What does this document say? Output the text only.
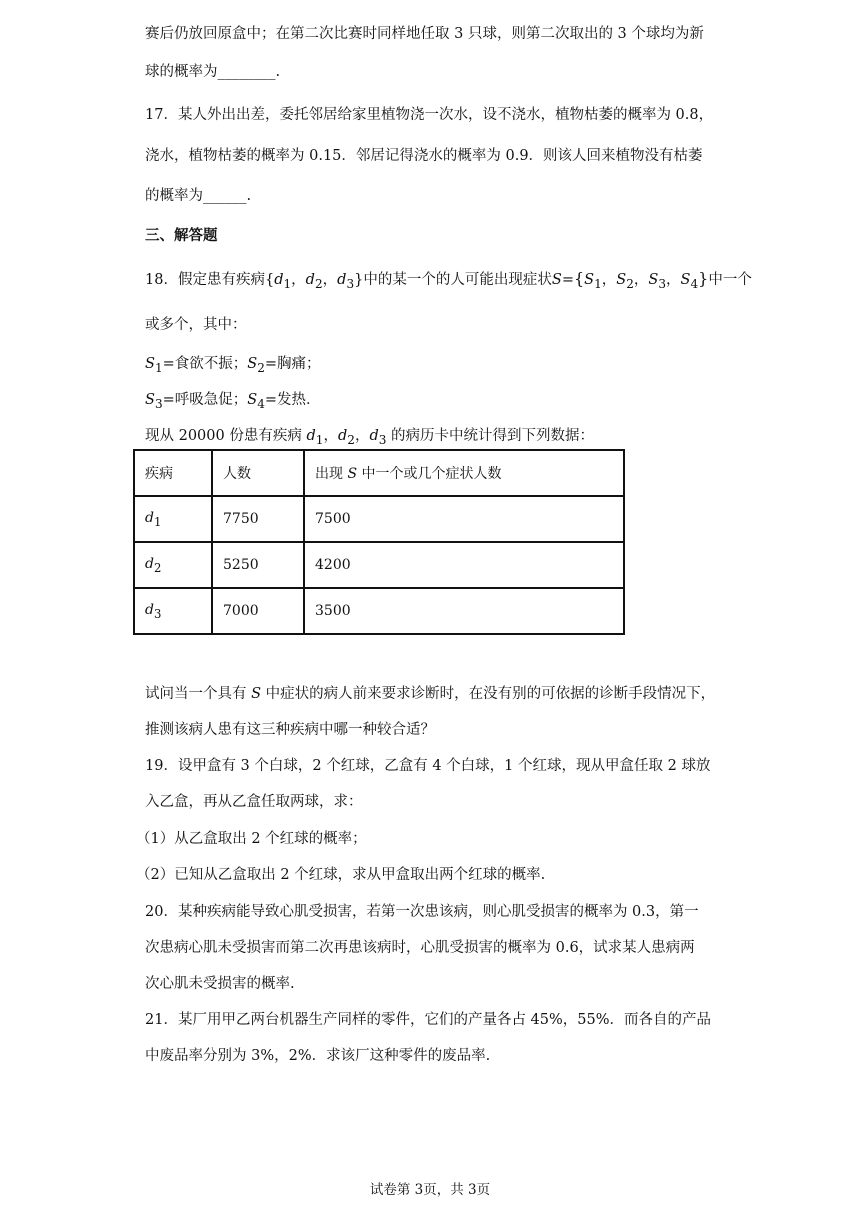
赛后仍放回原盒中；在第二次比赛时同样地任取 3 只球，则第二次取出的 3 个球均为新
球的概率为________.
17．某人外出出差，委托邻居给家里植物浇一次水，设不浇水，植物枯萎的概率为 0.8，
浇水，植物枯萎的概率为 0.15．邻居记得浇水的概率为 0.9．则该人回来植物没有枯萎
的概率为______.
三、解答题
18．假定患有疾病{$d_1$，$d_2$，$d_3$}中的某一个的人可能出现症状$S=\{S_1$，$S_2$，$S_3$，$S_4$}中一个
或多个，其中：
$S_1=$食欲不振；$S_2=$胸痛；
$S_3=$呼吸急促；$S_4=$发热．
现从 20000 份患有疾病 $d_1$，$d_2$，$d_3$ 的病历卡中统计得到下列数据：
疾病	人数	出现 S 中一个或几个症状人数
$d_1$	7750	7500
$d_2$	5250	4200
$d_3$	7000	3500
试问当一个具有 S 中症状的病人前来要求诊断时，在没有别的可依据的诊断手段情况下，
推测该病人患有这三种疾病中哪一种较合适？
19．设甲盒有 3 个白球，2 个红球，乙盒有 4 个白球，1 个红球，现从甲盒任取 2 球放
入乙盒，再从乙盒任取两球，求：
（1）从乙盒取出 2 个红球的概率；
（2）已知从乙盒取出 2 个红球，求从甲盒取出两个红球的概率.
20．某种疾病能导致心肌受损害，若第一次患该病，则心肌受损害的概率为 0.3，第一
次患病心肌未受损害而第二次再患该病时，心肌受损害的概率为 0.6，试求某人患病两
次心肌未受损害的概率.
21．某厂用甲乙两台机器生产同样的零件，它们的产量各占 45%，55%．而各自的产品
中废品率分别为 3%，2%．求该厂这种零件的废品率.
试卷第 3页，共 3页
